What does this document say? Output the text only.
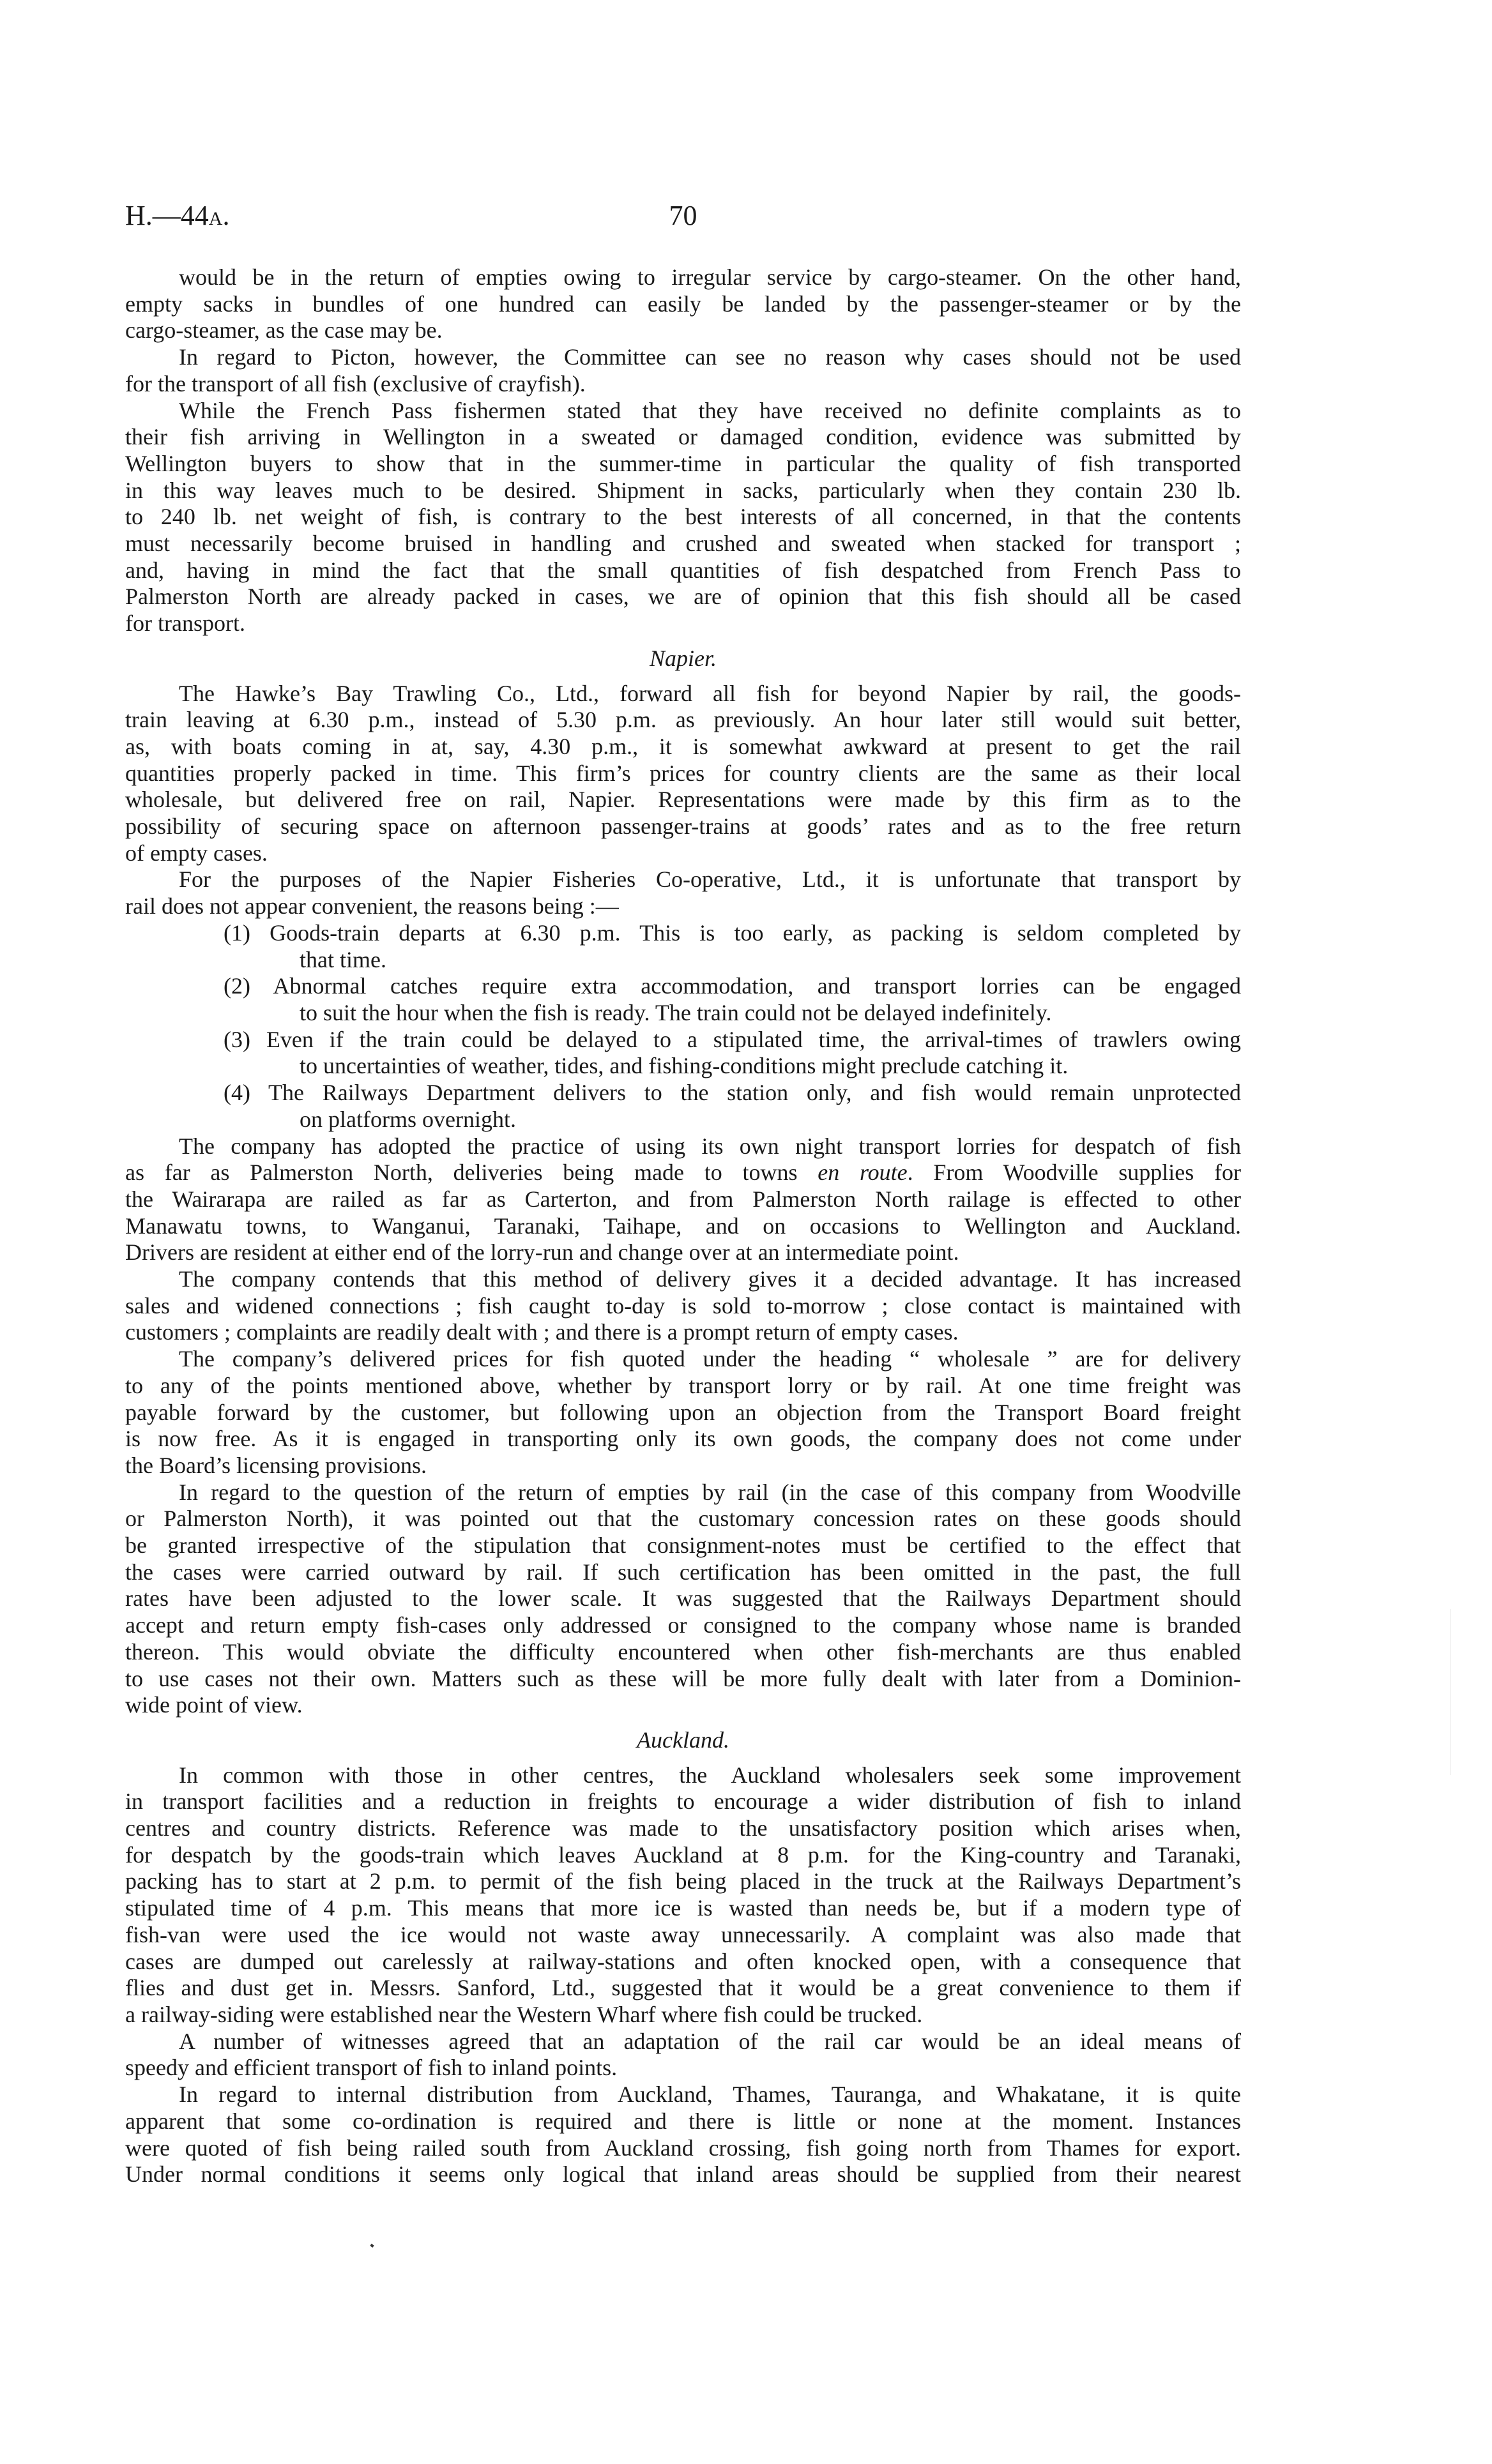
H.—44A.	70
would be in the return of empties owing to irregular service by cargo-steamer. On the other hand,
empty sacks in bundles of one hundred can easily be landed by the passenger-steamer or by the
cargo-steamer, as the case may be.
In regard to Picton, however, the Committee can see no reason why cases should not be used
for the transport of all fish (exclusive of crayfish).
While the French Pass fishermen stated that they have received no definite complaints as to
their fish arriving in Wellington in a sweated or damaged condition, evidence was submitted by
Wellington buyers to show that in the summer-time in particular the quality of fish transported
in this way leaves much to be desired. Shipment in sacks, particularly when they contain 230 lb.
to 240 lb. net weight of fish, is contrary to the best interests of all concerned, in that the contents
must necessarily become bruised in handling and crushed and sweated when stacked for transport ;
and, having in mind the fact that the small quantities of fish despatched from French Pass to
Palmerston North are already packed in cases, we are of opinion that this fish should all be cased
for transport.
Napier.
The Hawke’s Bay Trawling Co., Ltd., forward all fish for beyond Napier by rail, the goods-
train leaving at 6.30 p.m., instead of 5.30 p.m. as previously. An hour later still would suit better,
as, with boats coming in at, say, 4.30 p.m., it is somewhat awkward at present to get the rail
quantities properly packed in time. This firm’s prices for country clients are the same as their local
wholesale, but delivered free on rail, Napier. Representations were made by this firm as to the
possibility of securing space on afternoon passenger-trains at goods’ rates and as to the free return
of empty cases.
For the purposes of the Napier Fisheries Co-operative, Ltd., it is unfortunate that transport by
rail does not appear convenient, the reasons being :—
(1) Goods-train departs at 6.30 p.m. This is too early, as packing is seldom completed by
that time.
(2) Abnormal catches require extra accommodation, and transport lorries can be engaged
to suit the hour when the fish is ready. The train could not be delayed indefinitely.
(3) Even if the train could be delayed to a stipulated time, the arrival-times of trawlers owing
to uncertainties of weather, tides, and fishing-conditions might preclude catching it.
(4) The Railways Department delivers to the station only, and fish would remain unprotected
on platforms overnight.
The company has adopted the practice of using its own night transport lorries for despatch of fish
as far as Palmerston North, deliveries being made to towns en route. From Woodville supplies for
the Wairarapa are railed as far as Carterton, and from Palmerston North railage is effected to other
Manawatu towns, to Wanganui, Taranaki, Taihape, and on occasions to Wellington and Auckland.
Drivers are resident at either end of the lorry-run and change over at an intermediate point.
The company contends that this method of delivery gives it a decided advantage. It has increased
sales and widened connections ; fish caught to-day is sold to-morrow ; close contact is maintained with
customers ; complaints are readily dealt with ; and there is a prompt return of empty cases.
The company’s delivered prices for fish quoted under the heading “ wholesale ” are for delivery
to any of the points mentioned above, whether by transport lorry or by rail. At one time freight was
payable forward by the customer, but following upon an objection from the Transport Board freight
is now free. As it is engaged in transporting only its own goods, the company does not come under
the Board’s licensing provisions.
In regard to the question of the return of empties by rail (in the case of this company from Woodville
or Palmerston North), it was pointed out that the customary concession rates on these goods should
be granted irrespective of the stipulation that consignment-notes must be certified to the effect that
the cases were carried outward by rail. If such certification has been omitted in the past, the full
rates have been adjusted to the lower scale. It was suggested that the Railways Department should
accept and return empty fish-cases only addressed or consigned to the company whose name is branded
thereon. This would obviate the difficulty encountered when other fish-merchants are thus enabled
to use cases not their own. Matters such as these will be more fully dealt with later from a Dominion-
wide point of view.
Auckland.
In common with those in other centres, the Auckland wholesalers seek some improvement
in transport facilities and a reduction in freights to encourage a wider distribution of fish to inland
centres and country districts. Reference was made to the unsatisfactory position which arises when,
for despatch by the goods-train which leaves Auckland at 8 p.m. for the King-country and Taranaki,
packing has to start at 2 p.m. to permit of the fish being placed in the truck at the Railways Department’s
stipulated time of 4 p.m. This means that more ice is wasted than needs be, but if a modern type of
fish-van were used the ice would not waste away unnecessarily. A complaint was also made that
cases are dumped out carelessly at railway-stations and often knocked open, with a consequence that
flies and dust get in. Messrs. Sanford, Ltd., suggested that it would be a great convenience to them if
a railway-siding were established near the Western Wharf where fish could be trucked.
A number of witnesses agreed that an adaptation of the rail car would be an ideal means of
speedy and efficient transport of fish to inland points.
In regard to internal distribution from Auckland, Thames, Tauranga, and Whakatane, it is quite
apparent that some co-ordination is required and there is little or none at the moment. Instances
were quoted of fish being railed south from Auckland crossing, fish going north from Thames for export.
Under normal conditions it seems only logical that inland areas should be supplied from their nearest
